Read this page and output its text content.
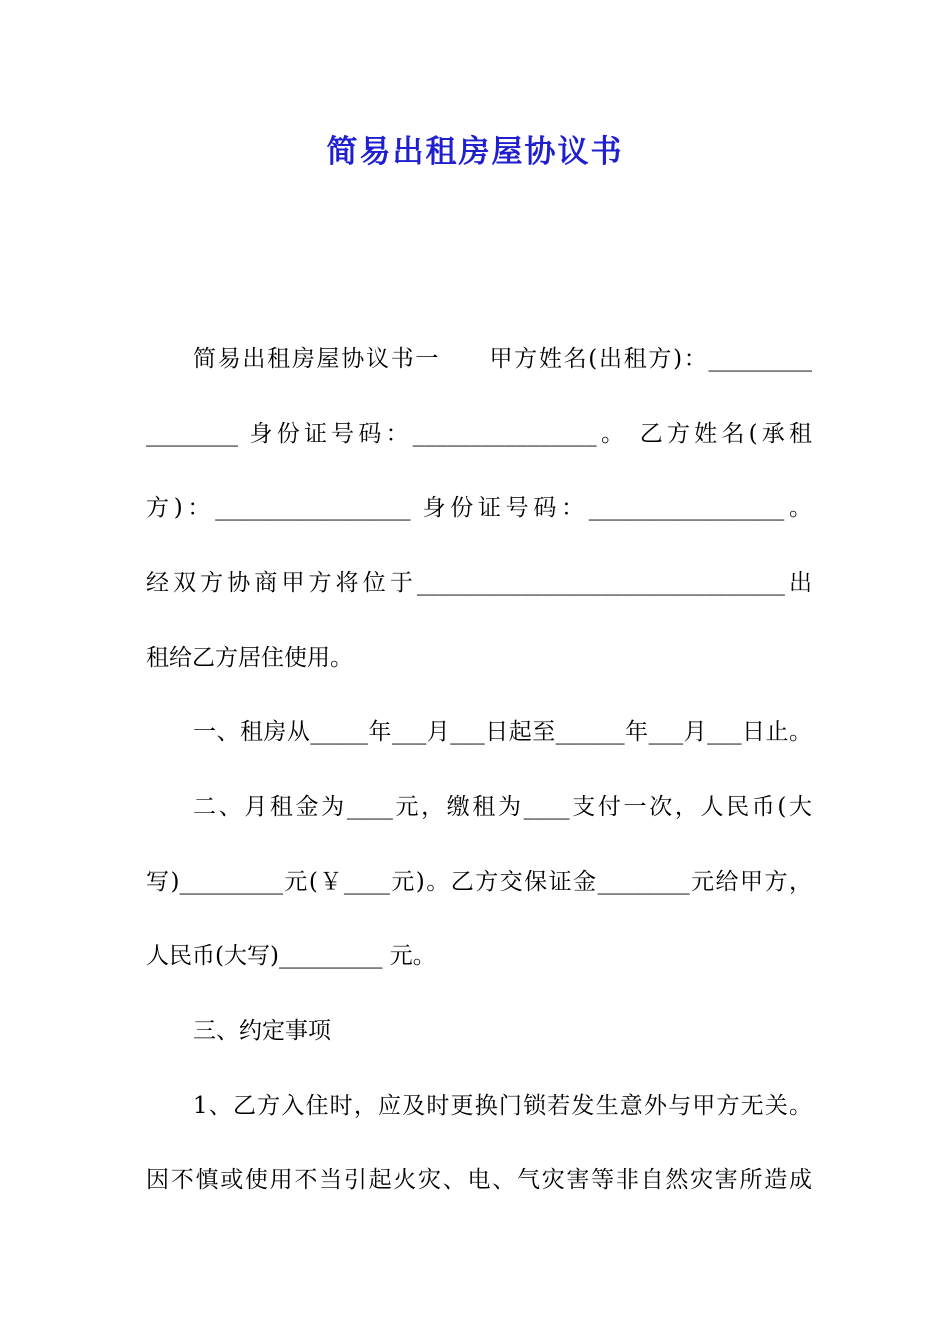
简易出租房屋协议书
简易出租房屋协议书一　　甲方姓名(出租方)：_________
________ 身份证号码：________________。 乙方姓名(承租
方)：_________________ 身份证号码：_________________。
经双方协商甲方将位于________________________________出
租给乙方居住使用。
一、租房从_____年___月___日起至______年___月___日止。
二、月租金为____元，缴租为____支付一次，人民币(大
写)_________元(￥____元)。乙方交保证金________元给甲方，
人民币(大写)_________ 元。
三、约定事项
1、乙方入住时，应及时更换门锁若发生意外与甲方无关。
因不慎或使用不当引起火灾、电、气灾害等非自然灾害所造成
